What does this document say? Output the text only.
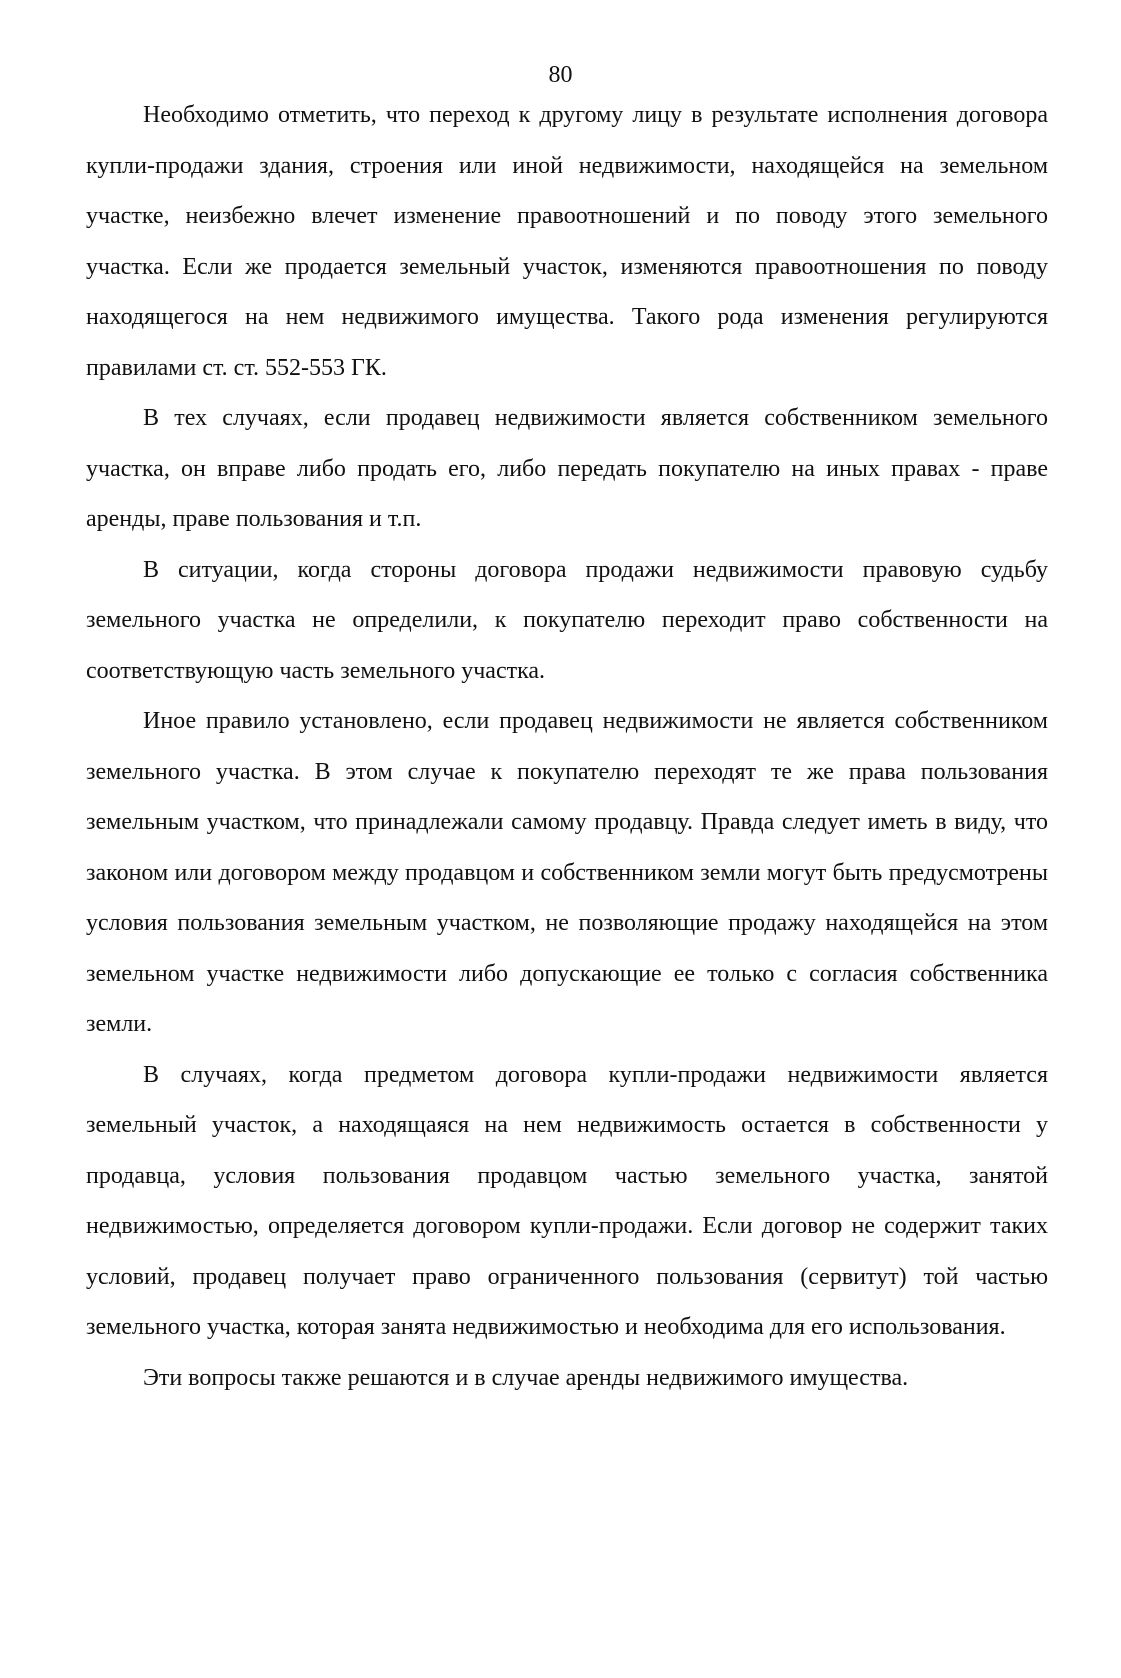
80

Необходимо отметить, что переход к другому лицу в результате исполнения договора купли-продажи здания, строения или иной недвижимости, находящейся на земельном участке, неизбежно влечет изменение правоотношений и по поводу этого земельного участка. Если же продается земельный участок, изменяются правоотношения по поводу находящегося на нем недвижимого имущества. Такого рода изменения регулируются правилами ст. ст. 552-553 ГК.

В тех случаях, если продавец недвижимости является собственником земельного участка, он вправе либо продать его, либо передать покупателю на иных правах - праве аренды, праве пользования и т.п.

В ситуации, когда стороны договора продажи недвижимости правовую судьбу земельного участка не определили, к покупателю переходит право собственности на соответствующую часть земельного участка.

Иное правило установлено, если продавец недвижимости не является собственником земельного участка. В этом случае к покупателю переходят те же права пользования земельным участком, что принадлежали самому продавцу. Правда следует иметь в виду, что законом или договором между продавцом и собственником земли могут быть предусмотрены условия пользования земельным участком, не позволяющие продажу находящейся на этом земельном участке недвижимости либо допускающие ее только с согласия собственника земли.

В случаях, когда предметом договора купли-продажи недвижимости является земельный участок, а находящаяся на нем недвижимость остается в собственности у продавца, условия пользования продавцом частью земельного участка, занятой недвижимостью, определяется договором купли-продажи. Если договор не содержит таких условий, продавец получает право ограниченного пользования (сервитут) той частью земельного участка, которая занята недвижимостью и необходима для его использования.

Эти вопросы также решаются и в случае аренды недвижимого имущества.
